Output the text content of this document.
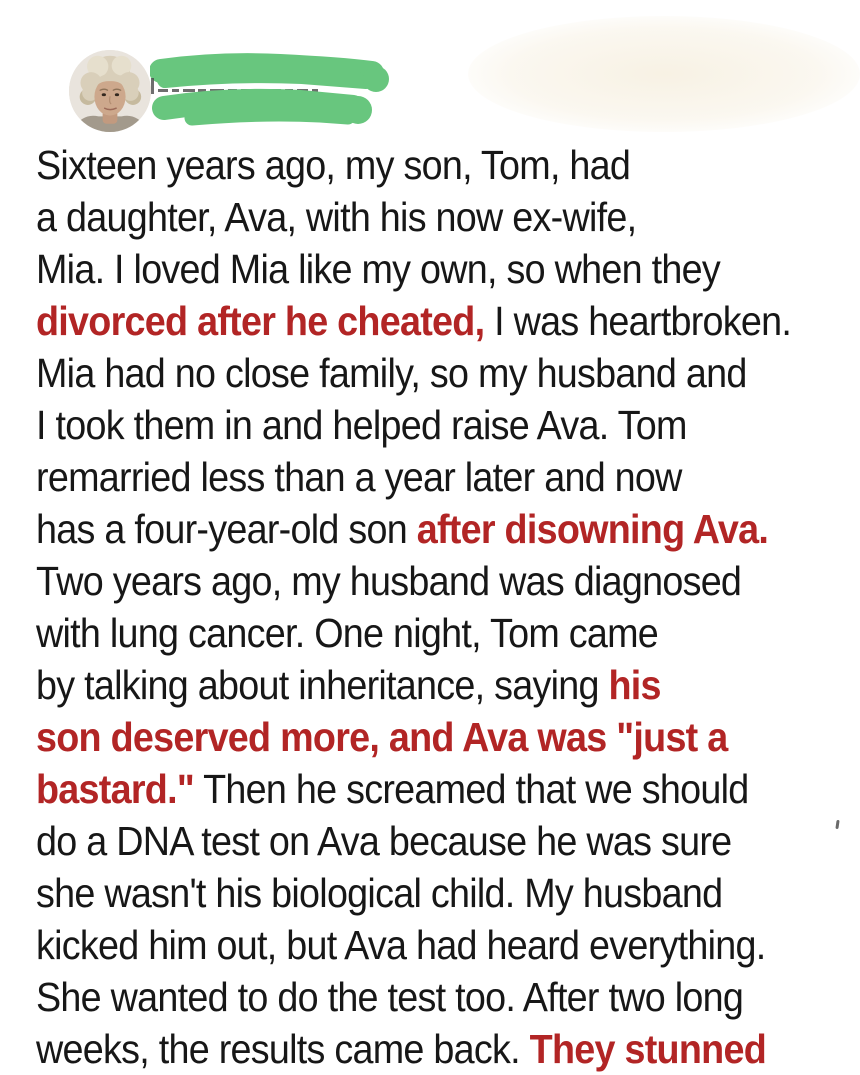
Sixteen years ago, my son, Tom, had
a daughter, Ava, with his now ex-wife,
Mia. I loved Mia like my own, so when they
divorced after he cheated, I was heartbroken.
Mia had no close family, so my husband and
I took them in and helped raise Ava. Tom
remarried less than a year later and now
has a four-year-old son after disowning Ava.
Two years ago, my husband was diagnosed
with lung cancer. One night, Tom came
by talking about inheritance, saying his
son deserved more, and Ava was "just a
bastard." Then he screamed that we should
do a DNA test on Ava because he was sure
she wasn't his biological child. My husband
kicked him out, but Ava had heard everything.
She wanted to do the test too. After two long
weeks, the results came back. They stunned
